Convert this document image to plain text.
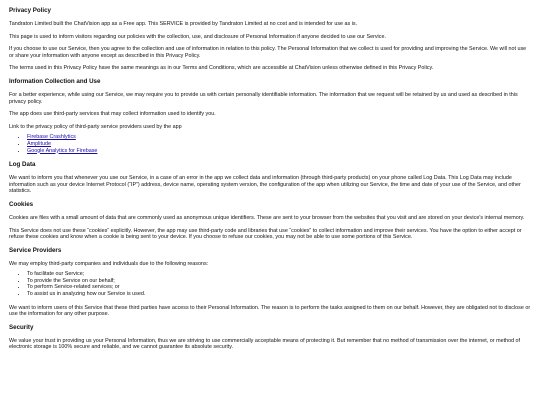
Privacy Policy

Tandraton Limited built the ChatVision app as a Free app. This SERVICE is provided by Tandraton Limited at no cost and is intended for use as is.

This page is used to inform visitors regarding our policies with the collection, use, and disclosure of Personal Information if anyone decided to use our Service.

If you choose to use our Service, then you agree to the collection and use of information in relation to this policy. The Personal Information that we collect is used for providing and improving the Service. We will not use or share your information with anyone except as described in this Privacy Policy.

The terms used in this Privacy Policy have the same meanings as in our Terms and Conditions, which are accessible at ChatVision unless otherwise defined in this Privacy Policy.

Information Collection and Use

For a better experience, while using our Service, we may require you to provide us with certain personally identifiable information. The information that we request will be retained by us and used as described in this privacy policy.

The app does use third-party services that may collect information used to identify you.

Link to the privacy policy of third-party service providers used by the app

• Firebase Crashlytics
• Amplitude
• Google Analytics for Firebase
Log Data

We want to inform you that whenever you use our Service, in a case of an error in the app we collect data and information (through third-party products) on your phone called Log Data. This Log Data may include information such as your device Internet Protocol (“IP”) address, device name, operating system version, the configuration of the app when utilizing our Service, the time and date of your use of the Service, and other statistics.

Cookies

Cookies are files with a small amount of data that are commonly used as anonymous unique identifiers. These are sent to your browser from the websites that you visit and are stored on your device's internal memory.

This Service does not use these “cookies” explicitly. However, the app may use third-party code and libraries that use “cookies” to collect information and improve their services. You have the option to either accept or refuse these cookies and know when a cookie is being sent to your device. If you choose to refuse our cookies, you may not be able to use some portions of this Service.

Service Providers

We may employ third-party companies and individuals due to the following reasons:

• To facilitate our Service;
• To provide the Service on our behalf;
• To perform Service-related services; or
• To assist us in analyzing how our Service is used.

We want to inform users of this Service that these third parties have access to their Personal Information. The reason is to perform the tasks assigned to them on our behalf. However, they are obligated not to disclose or use the information for any other purpose.

Security

We value your trust in providing us your Personal Information, thus we are striving to use commercially acceptable means of protecting it. But remember that no method of transmission over the internet, or method of electronic storage is 100% secure and reliable, and we cannot guarantee its absolute security.
